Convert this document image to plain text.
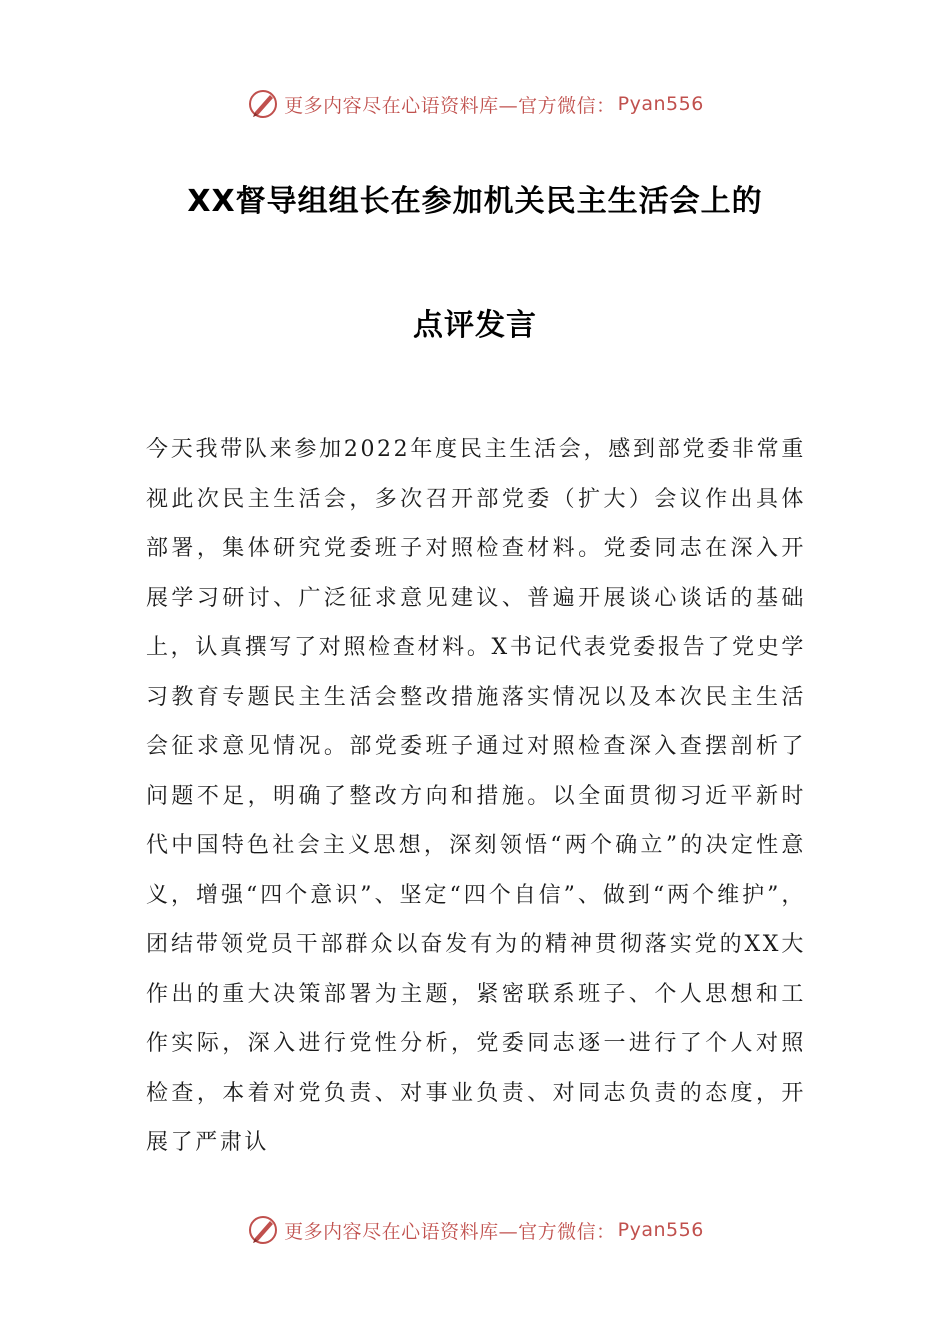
更多内容尽在心语资料库—官方微信： Pyan556
XX督导组组长在参加机关民主生活会上的
点评发言

今天我带队来参加2022年度民主生活会，感到部党委非常重视此次民主生活会，多次召开部党委（扩大）会议作出具体部署，集体研究党委班子对照检查材料。党委同志在深入开展学习研讨、广泛征求意见建议、普遍开展谈心谈话的基础上，认真撰写了对照检查材料。X书记代表党委报告了党史学习教育专题民主生活会整改措施落实情况以及本次民主生活会征求意见情况。部党委班子通过对照检查深入查摆剖析了问题不足，明确了整改方向和措施。以全面贯彻习近平新时代中国特色社会主义思想，深刻领悟“两个确立”的决定性意义，增强“四个意识”、坚定“四个自信”、做到“两个维护”，团结带领党员干部群众以奋发有为的精神贯彻落实党的XX大作出的重大决策部署为主题，紧密联系班子、个人思想和工作实际，深入进行党性分析，党委同志逐一进行了个人对照检查，本着对党负责、对事业负责、对同志负责的态度，开展了严肃认

更多内容尽在心语资料库—官方微信： Pyan556
